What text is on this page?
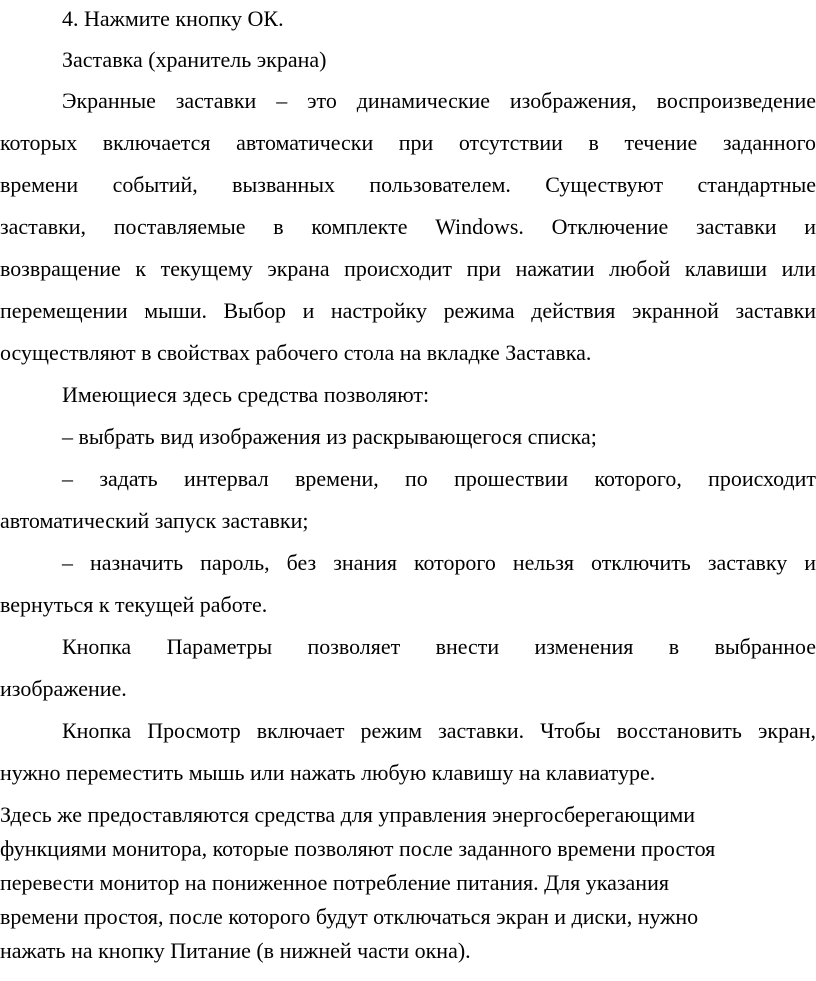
4. Нажмите кнопку ОК.
Заставка (хранитель экрана)
Экранные заставки – это динамические изображения, воспроизведение
которых включается автоматически при отсутствии в течение заданного
времени событий, вызванных пользователем. Существуют стандартные
заставки, поставляемые в комплекте Windows. Отключение заставки и
возвращение к текущему экрана происходит при нажатии любой клавиши или
перемещении мыши. Выбор и настройку режима действия экранной заставки
осуществляют в свойствах рабочего стола на вкладке Заставка.
Имеющиеся здесь средства позволяют:
– выбрать вид изображения из раскрывающегося списка;
– задать интервал времени, по прошествии которого, происходит
автоматический запуск заставки;
– назначить пароль, без знания которого нельзя отключить заставку и
вернуться к текущей работе.
Кнопка Параметры позволяет внести изменения в выбранное
изображение.
Кнопка Просмотр включает режим заставки. Чтобы восстановить экран,
нужно переместить мышь или нажать любую клавишу на клавиатуре.
Здесь же предоставляются средства для управления энергосберегающими
функциями монитора, которые позволяют после заданного времени простоя
перевести монитор на пониженное потребление питания. Для указания
времени простоя, после которого будут отключаться экран и диски, нужно
нажать на кнопку Питание (в нижней части окна).
